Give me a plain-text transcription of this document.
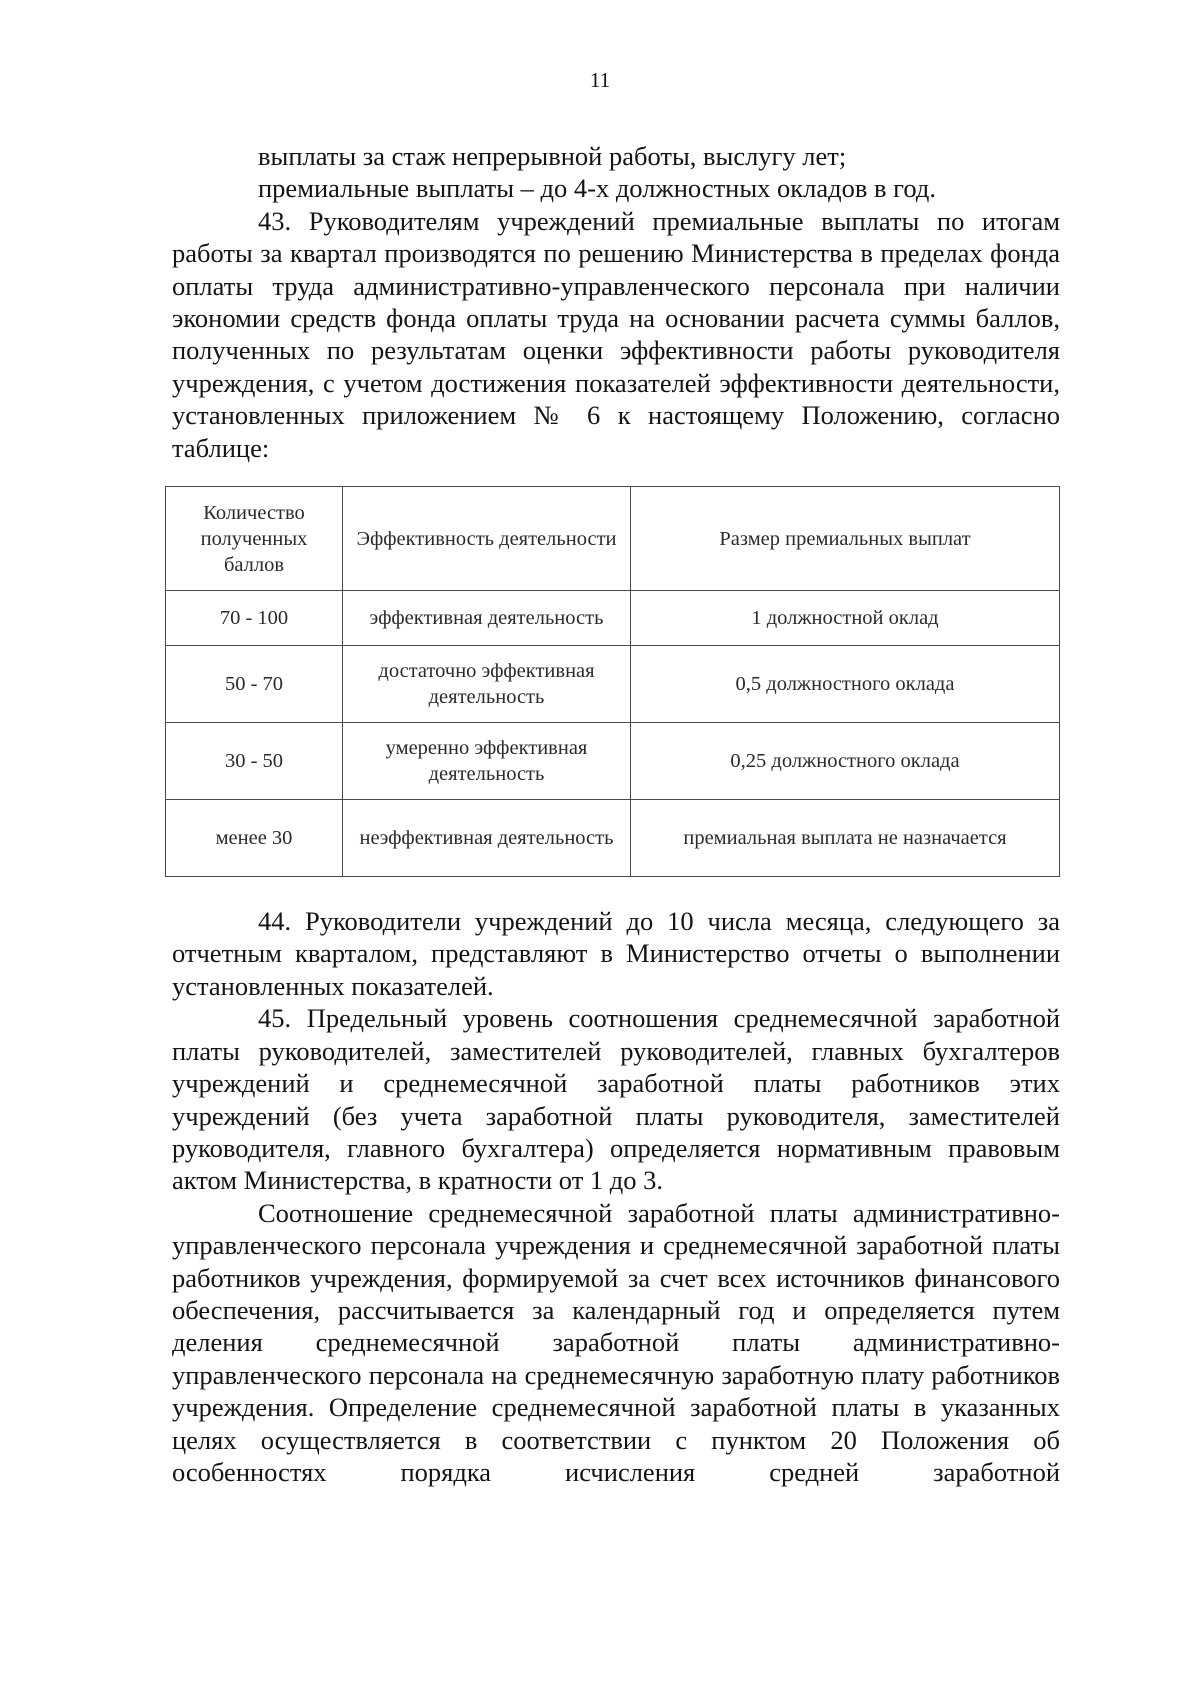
11

выплаты за стаж непрерывной работы, выслугу лет;

премиальные выплаты – до 4-х должностных окладов в год.

43. Руководителям учреждений премиальные выплаты по итогам работы за квартал производятся по решению Министерства в пределах фонда оплаты труда административно-управленческого персонала при наличии экономии средств фонда оплаты труда на основании расчета суммы баллов, полученных по результатам оценки эффективности работы руководителя учреждения, с учетом достижения показателей эффективности деятельности, установленных приложением № 6 к настоящему Положению, согласно таблице:

Количество полученных баллов	Эффективность деятельности	Размер премиальных выплат
70 - 100	эффективная деятельность	1 должностной оклад
50 - 70	достаточно эффективная деятельность	0,5 должностного оклада
30 - 50	умеренно эффективная деятельность	0,25 должностного оклада
менее 30	неэффективная деятельность	премиальная выплата не назначается

44. Руководители учреждений до 10 числа месяца, следующего за отчетным кварталом, представляют в Министерство отчеты о выполнении установленных показателей.

45. Предельный уровень соотношения среднемесячной заработной платы руководителей, заместителей руководителей, главных бухгалтеров учреждений и среднемесячной заработной платы работников этих учреждений (без учета заработной платы руководителя, заместителей руководителя, главного бухгалтера) определяется нормативным правовым актом Министерства, в кратности от 1 до 3.

Соотношение среднемесячной заработной платы административно-управленческого персонала учреждения и среднемесячной заработной платы работников учреждения, формируемой за счет всех источников финансового обеспечения, рассчитывается за календарный год и определяется путем деления среднемесячной заработной платы административно-управленческого персонала на среднемесячную заработную плату работников учреждения. Определение среднемесячной заработной платы в указанных целях осуществляется в соответствии с пунктом 20 Положения об особенностях порядка исчисления средней заработной
